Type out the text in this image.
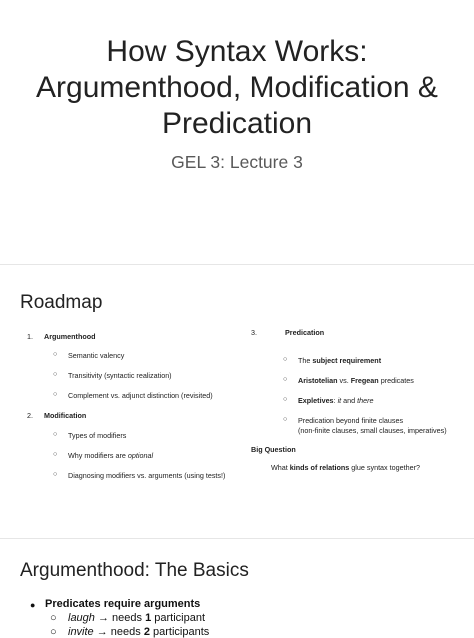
How Syntax Works:
Argumenthood, Modification &
Predication
GEL 3: Lecture 3
Roadmap
1. Argumenthood
○ Semantic valency
○ Transitivity (syntactic realization)
○ Complement vs. adjunct distinction (revisited)
2. Modification
○ Types of modifiers
○ Why modifiers are optional
○ Diagnosing modifiers vs. arguments (using tests!)
3.	Predication
○ The subject requirement
○ Aristotelian vs. Fregean predicates
○ Expletives: it and there
○ Predication beyond finite clauses
(non-finite clauses, small clauses, imperatives)
Big Question
What kinds of relations glue syntax together?
Argumenthood: The Basics
● Predicates require arguments
○ laugh → needs 1 participant
○ invite → needs 2 participants
